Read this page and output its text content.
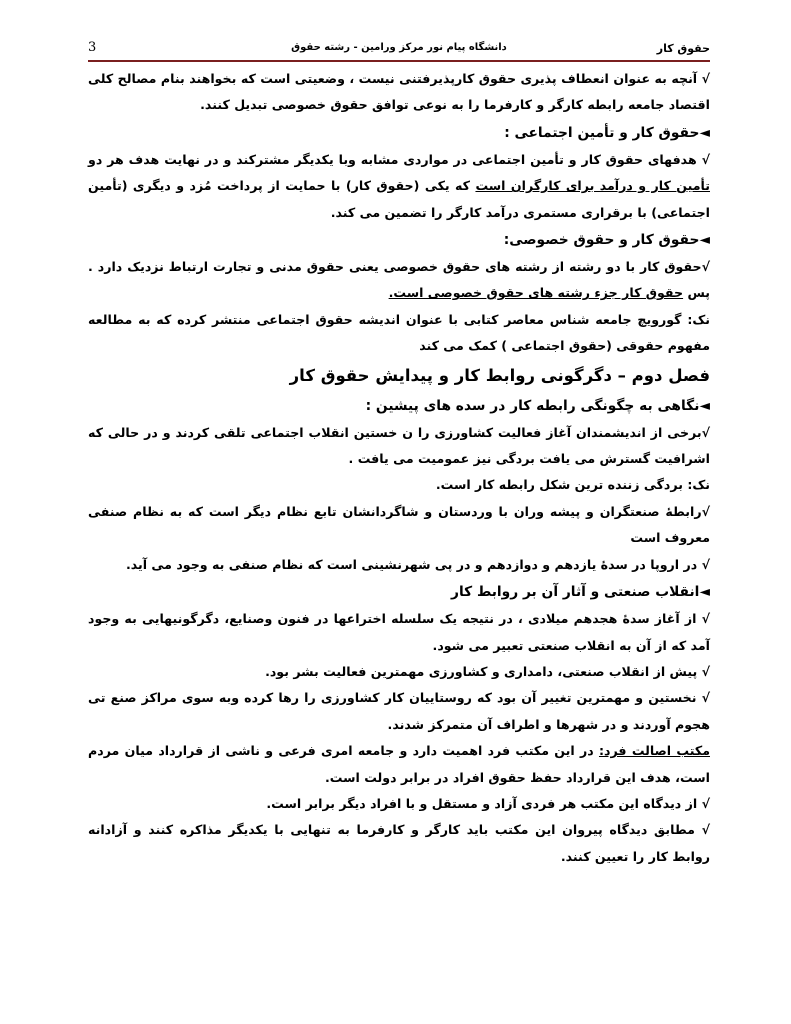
حقوق کار
دانشگاه پیام نور مرکز ورامین - رشته حقوق
3

√ آنچه به عنوان انعطاف پذیری حقوق کارپذیرفتنی نیست ، وضعیتی است که بخواهند بنام مصالح کلی اقتصاد جامعه رابطه کارگر و کارفرما را به نوعی توافق حقوق خصوصی تبدیل کنند.

◄حقوق کار و تأمین اجتماعی :

√ هدفهای حقوق کار و تأمین اجتماعی در مواردی مشابه وبا یکدیگر مشترکند و در نهایت هدف هر دو تأمین کار و درآمد برای کارگران است که یکی (حقوق کار) با حمایت از پرداخت مُزد و دیگری (تأمین اجتماعی) با برقراری مستمری درآمد کارگر را تضمین می کند.

◄حقوق کار و حقوق خصوصی:

√حقوق کار با دو رشته از رشته های حقوق خصوصی یعنی حقوق مدنی و تجارت ارتباط نزدیک دارد . پس حقوق کار جزء رشته های حقوق خصوصی است.

نک: گورویچ جامعه شناس معاصر کتابی با عنوان اندیشه حقوق اجتماعی منتشر کرده که به مطالعه مفهوم حقوقی (حقوق اجتماعی ) کمک می کند

فصل دوم – دگرگونی روابط کار و پیدایش حقوق کار

◄نگاهی به چگونگی رابطه کار در سده های پیشین :

√برخی از اندیشمندان آغاز فعالیت کشاورزی را ن خستین انقلاب اجتماعی تلقی کردند و در حالی که اشرافیت گسترش می یافت بردگی نیز عمومیت می یافت .

نک: بردگی زننده ترین شکل رابطه کار است.

√رابطهٔ صنعتگران و پیشه وران با وردستان و شاگردانشان تابع نظام دیگر است که به نظام صنفی معروف است

√ در اروپا در سدهٔ یازدهم و دوازدهم و در پی شهرنشینی است که نظام صنفی به وجود می آید.

◄انقلاب صنعتی و آثار آن بر روابط کار

√ از آغاز سدهٔ هجدهم میلادی ، در نتیجه یک سلسله اختراعها در فنون وصنایع، دگرگونیهایی به وجود آمد که از آن به انقلاب صنعتی تعبیر می شود.

√ پیش از انقلاب صنعتی، دامداری و کشاورزی مهمترین فعالیت بشر بود.

√ نخستین و مهمترین تغییر آن بود که روستاییان کار کشاورزی را رها کرده وبه سوی مراکز صنع تی هجوم آوردند و در شهرها و اطراف آن متمرکز شدند.

مکتب اصالت فرد: در این مکتب فرد اهمیت دارد و جامعه امری فرعی و ناشی از قرارداد میان مردم است، هدف این قرارداد حفظ حقوق افراد در برابر دولت است.

√ از دیدگاه این مکتب هر فردی آزاد و مستقل و با افراد دیگر برابر است.

√ مطابق دیدگاه پیروان این مکتب باید کارگر و کارفرما به تنهایی با یکدیگر مذاکره کنند و آزادانه روابط کار را تعیین کنند.
